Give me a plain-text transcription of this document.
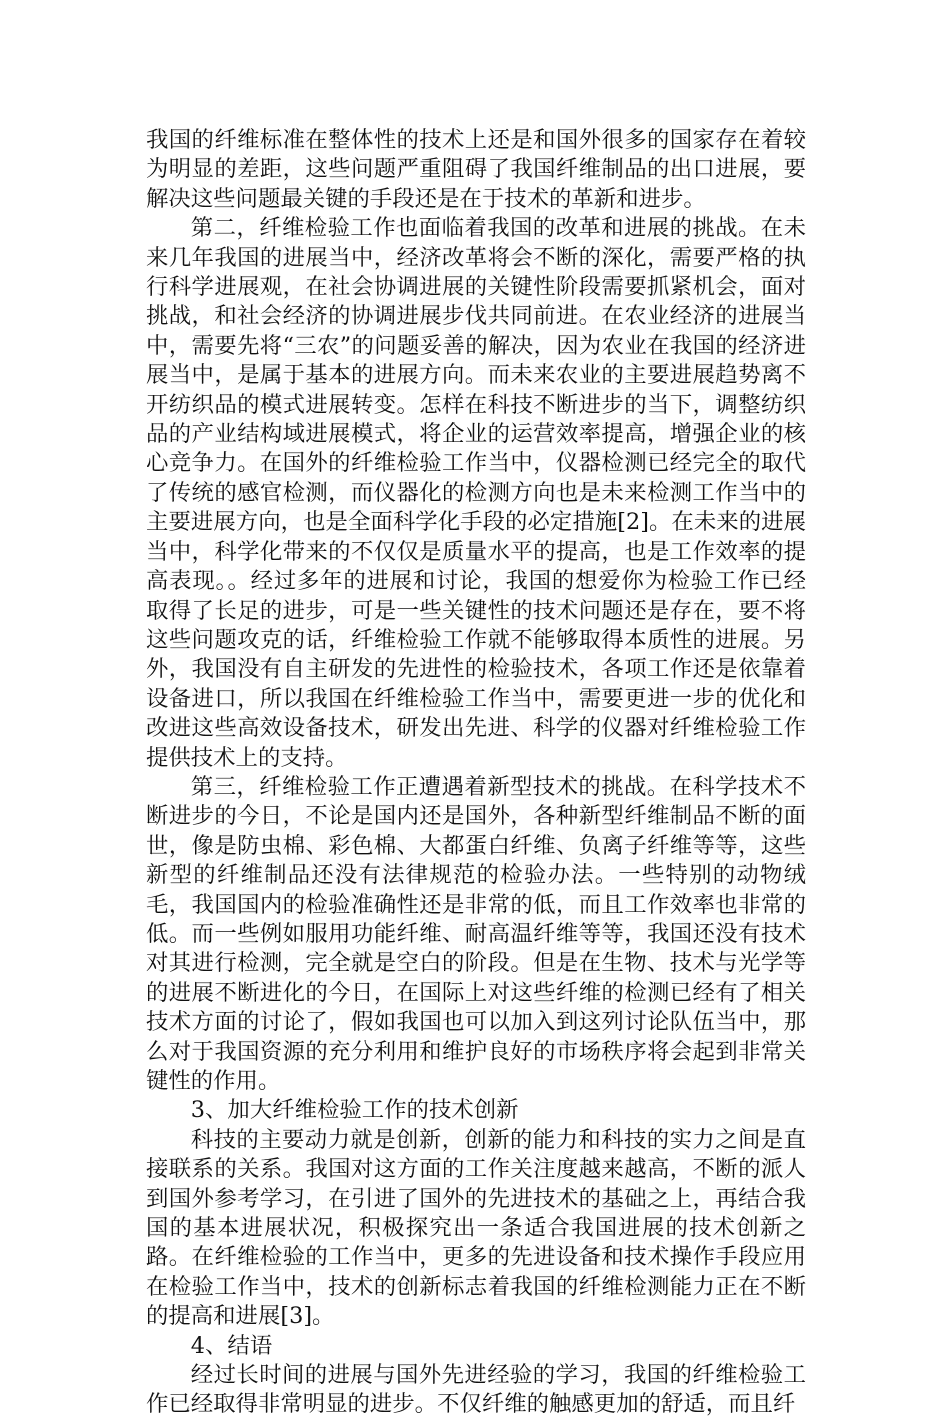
我国的纤维标准在整体性的技术上还是和国外很多的国家存在着较为明显的差距，这些问题严重阻碍了我国纤维制品的出口进展，要解决这些问题最关键的手段还是在于技术的革新和进步。

第二，纤维检验工作也面临着我国的改革和进展的挑战。在未来几年我国的进展当中，经济改革将会不断的深化，需要严格的执行科学进展观，在社会协调进展的关键性阶段需要抓紧机会，面对挑战，和社会经济的协调进展步伐共同前进。在农业经济的进展当中，需要先将“三农”的问题妥善的解决，因为农业在我国的经济进展当中，是属于基本的进展方向。而未来农业的主要进展趋势离不开纺织品的模式进展转变。怎样在科技不断进步的当下，调整纺织品的产业结构域进展模式，将企业的运营效率提高，增强企业的核心竞争力。在国外的纤维检验工作当中，仪器检测已经完全的取代了传统的感官检测，而仪器化的检测方向也是未来检测工作当中的主要进展方向，也是全面科学化手段的必定措施[2]。在未来的进展当中，科学化带来的不仅仅是质量水平的提高，也是工作效率的提高表现。。经过多年的进展和讨论，我国的想爱你为检验工作已经取得了长足的进步，可是一些关键性的技术问题还是存在，要不将这些问题攻克的话，纤维检验工作就不能够取得本质性的进展。另外，我国没有自主研发的先进性的检验技术，各项工作还是依靠着设备进口，所以我国在纤维检验工作当中，需要更进一步的优化和改进这些高效设备技术，研发出先进、科学的仪器对纤维检验工作提供技术上的支持。

第三，纤维检验工作正遭遇着新型技术的挑战。在科学技术不断进步的今日，不论是国内还是国外，各种新型纤维制品不断的面世，像是防虫棉、彩色棉、大都蛋白纤维、负离子纤维等等，这些新型的纤维制品还没有法律规范的检验办法。一些特别的动物绒毛，我国国内的检验准确性还是非常的低，而且工作效率也非常的低。而一些例如服用功能纤维、耐高温纤维等等，我国还没有技术对其进行检测，完全就是空白的阶段。但是在生物、技术与光学等的进展不断进化的今日，在国际上对这些纤维的检测已经有了相关技术方面的讨论了，假如我国也可以加入到这列讨论队伍当中，那么对于我国资源的充分利用和维护良好的市场秩序将会起到非常关键性的作用。

3、加大纤维检验工作的技术创新

科技的主要动力就是创新，创新的能力和科技的实力之间是直接联系的关系。我国对这方面的工作关注度越来越高，不断的派人到国外参考学习，在引进了国外的先进技术的基础之上，再结合我国的基本进展状况，积极探究出一条适合我国进展的技术创新之路。在纤维检验的工作当中，更多的先进设备和技术操作手段应用在检验工作当中，技术的创新标志着我国的纤维检测能力正在不断的提高和进展[3]。

4、结语

经过长时间的进展与国外先进经验的学习，我国的纤维检验工作已经取得非常明显的进步。不仅纤维的触感更加的舒适，而且纤
